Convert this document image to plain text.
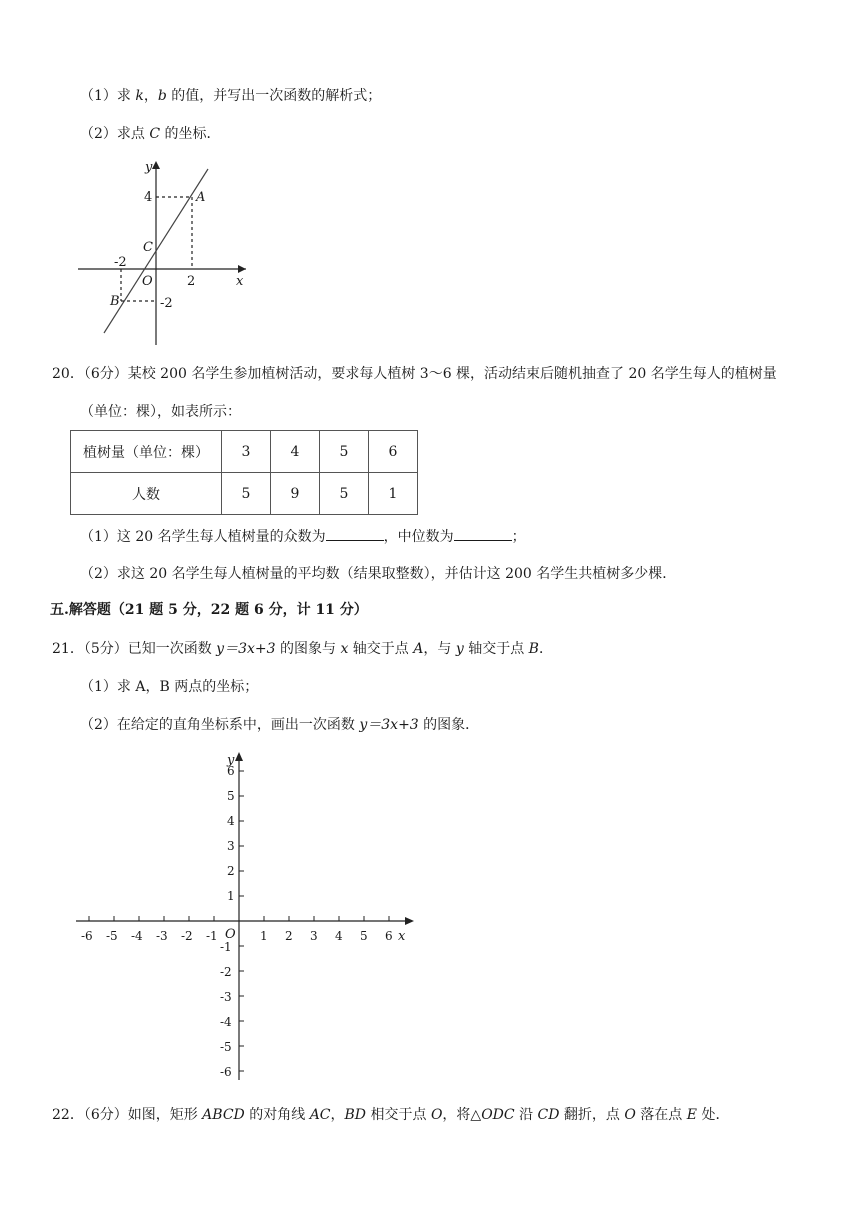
（1）求 k，b 的值，并写出一次函数的解析式；
（2）求点 C 的坐标．
y
x
O
A
B
C
4
2
-2
-2
20．（6分）某校 200 名学生参加植树活动，要求每人植树 3～6 棵，活动结束后随机抽查了 20 名学生每人的植树量
（单位：棵），如表所示：
植树量（单位：棵）	3	4	5	6
人数	5	9	5	1
（1）这 20 名学生每人植树量的众数为	，中位数为	；
（2）求这 20 名学生每人植树量的平均数（结果取整数），并估计这 200 名学生共植树多少棵．
五.解答题（21 题 5 分，22 题 6 分，计 11 分）
21．（5分）已知一次函数 y＝3x+3 的图象与 x 轴交于点 A，与 y 轴交于点 B．
（1）求 A，B 两点的坐标；
（2）在给定的直角坐标系中，画出一次函数 y＝3x+3 的图象．
x
y
O
-6 -5 -4 -3 -2 -1	1 2 3 4 5 6
6
5
4
3
2
1
-1
-2
-3
-4
-5
-6
22．（6分）如图，矩形 ABCD 的对角线 AC，BD 相交于点 O，将△ODC 沿 CD 翻折，点 O 落在点 E 处．
